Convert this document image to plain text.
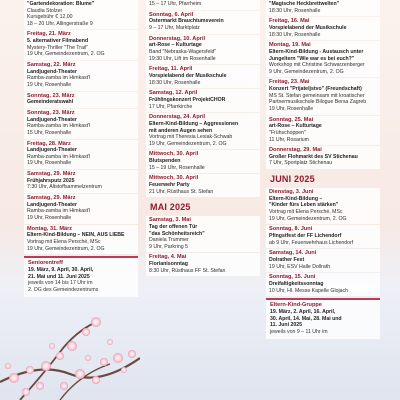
"Gartendekoration: Blume"
Claudia Stolzer
Kursgebühr € 12,00
18 – 20 Uhr, Allingerstraße 9
Freitag, 21. März
5. alternativer Filmabend
Mystery-Thriller "The Trail"
19 Uhr, Gemeindezentrum, 2. OG
Samstag, 22. März
Landjugend-Theater
Ramba-zamba im Himkast'l
19 Uhr, Rosenhalle
Sonntag, 23. März
Gemeinderatswahl
Sonntag, 23. März
Landjugend-Theater
Ramba-zamba im Himkast'l
15 Uhr, Rosenhalle
Freitag, 28. März
Landjugend-Theater
Ramba-zamba im Himkast'l
19 Uhr, Rosenhalle
Samstag, 29. März
Frühjahrsputz 2025
7:30 Uhr, Altstoffsammelzentrum
Samstag, 29. März
Landjugend-Theater
Ramba-zamba im Himkast'l
19 Uhr, Rosenhalle
Montag, 31. März
Eltern-Kind-Bildung – NEIN, AUS LIEBE
Vortrag mit Elena Persché, MSc
19 Uhr, Gemeindezentrum, 2. OG
Seniorentreff
19. März, 9. April, 30. April,
21. Mai und 11. Juni 2025
jeweils von 14 bis 17 Uhr im
2. OG des Gemeindezentrums
15 – 17 Uhr, Pfarrheim
Sonntag, 6. April
Ostermarkt Brauchtumsverein
9 – 17 Uhr, Marktplatz
Donnerstag, 10. April
art-Rose – Kulturtage
Band "Nebraska-Wagersfeld"
19:30 Uhr, Lift im Rosenhalle
Freitag, 11. April
Vorspielabend der Musikschule
18:30 Uhr, Rosenhalle
Samstag, 12. April
Frühlingskonzert ProjektCHOR
17 Uhr, Pfarrkirche
Donnerstag, 24. April
Eltern-Kind-Bildung – Aggressionen
mit anderen Augen sehen
Vortrag mit Theresia Lesiak-Schwab
19 Uhr, Gemeindezentrum, 2. OG
Mittwoch, 30. April
Blutspenden
15 – 19 Uhr, Rosenhalle
Mittwoch, 30. April
Feuerwehr Party
21 Uhr, Rüsthaus St. Stefan
MAI 2025
Samstag, 3. Mai
Tag der offenen Tür
"das Schönheitsreich"
Daniela Trummer
9 Uhr, Parkring 5
Freitag, 4. Mai
Florianisonntag
8:30 Uhr, Rüsthaus FF St. Stefan
"Magische Heckbrettwelten"
18:30 Uhr, Rosenhalle
Freitag, 16. Mai
Vorspielabend der Musikschule
18:30 Uhr, Rosenhalle
Montag, 19. Mai
Eltern-Kind-Bildung - Austausch unter
Jungeltern "Wie war es bei euch?"
Workshop mit Christine Schwarzenberger
9 Uhr, Gemeindezentrum, 2. OG
Freitag, 23. Mai
Konzert "Prijateljstvo" (Freundschaft)
MS St. Stefan gemeinsam mit kroatischer
Partnermusikschule Bilogue Bersa Zagreb
19 Uhr, Rosenhalle
Sonntag, 25. Mai
art-Rose – Kulturtage
"Frühschoppen"
11 Uhr, Rosarium
Donnerstag, 29. Mai
Großer Flohmarkt des SV Stichenau
7 Uhr, Sportplatz Stichenau
JUNI 2025
Dienstag, 3. Juni
Eltern-Kind-Bildung –
"Kinder fürs Leben stärken"
Vortrag mit Elena Persché, MSc
19 Uhr, Gemeindezentrum, 2. OG
Sonntag, 8. Juni
Pfingstfest der FF Lichendorf
ab 9 Uhr, Feuerwehrhaus Lichendorf
Samstag, 14. Juni
Dolrather Fest
19 Uhr, ESV Halle Dollrath
Sonntag, 15. Juni
Dreifaltigkeitssonntag
10 Uhr, Hl. Messe Kapelle Glojach
Eltern-Kind-Gruppe
19. März, 2. April, 16. April,
30. April, 14. Mai, 28. Mai und
11. Juni 2025
jeweils von 9 – 11 Uhr im
